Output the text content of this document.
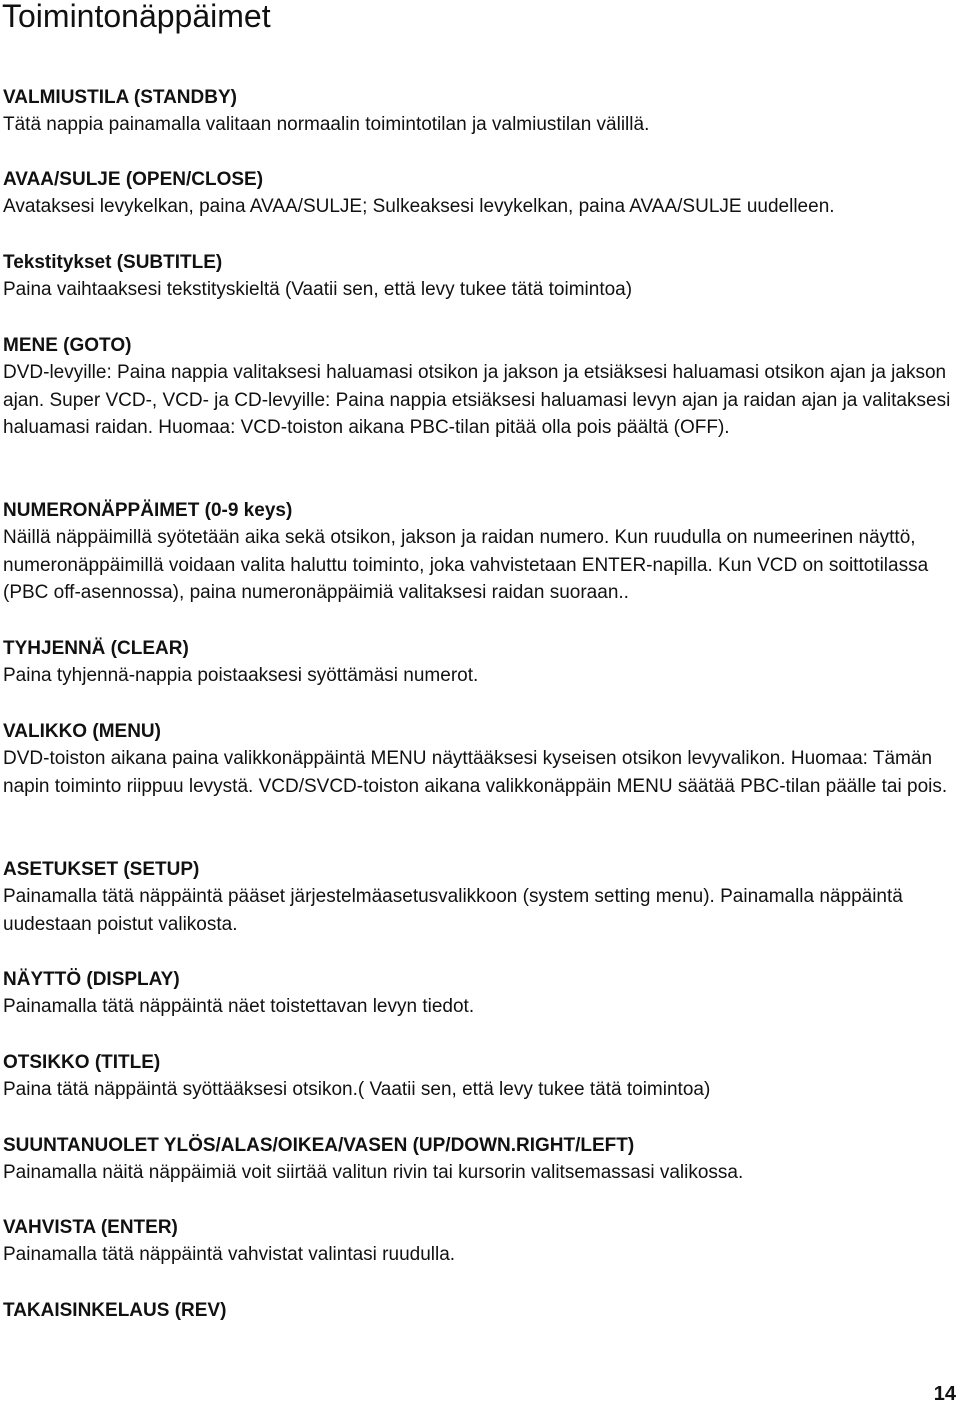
Toimintonäppäimet

VALMIUSTILA (STANDBY)

Tätä nappia painamalla valitaan normaalin toimintotilan ja valmiustilan välillä.

AVAA/SULJE (OPEN/CLOSE)

Avataksesi levykelkan, paina AVAA/SULJE; Sulkeaksesi levykelkan, paina AVAA/SULJE uudelleen.

Tekstitykset (SUBTITLE)

Paina vaihtaaksesi tekstityskieltä (Vaatii sen, että levy tukee tätä toimintoa)

MENE (GOTO)

DVD-levyille: Paina nappia valitaksesi haluamasi otsikon ja jakson ja etsiäksesi haluamasi otsikon ajan ja jakson ajan. Super VCD-, VCD- ja CD-levyille: Paina nappia etsiäksesi haluamasi levyn ajan ja raidan ajan ja valitaksesi haluamasi raidan. Huomaa: VCD-toiston aikana PBC-tilan pitää olla pois päältä (OFF).

NUMERONÄPPÄIMET (0-9 keys)

Näillä näppäimillä syötetään aika sekä otsikon, jakson ja raidan numero. Kun ruudulla on numeerinen näyttö, numeronäppäimillä voidaan valita haluttu toiminto, joka vahvistetaan ENTER-napilla. Kun VCD on soittotilassa (PBC off-asennossa), paina numeronäppäimiä valitaksesi raidan suoraan..

TYHJENNÄ (CLEAR)

Paina tyhjennä-nappia poistaaksesi syöttämäsi numerot.

VALIKKO (MENU)

DVD-toiston aikana paina valikkonäppäintä MENU näyttääksesi kyseisen otsikon levyvalikon. Huomaa: Tämän napin toiminto riippuu levystä. VCD/SVCD-toiston aikana valikkonäppäin MENU säätää PBC-tilan päälle tai pois.

ASETUKSET (SETUP)

Painamalla tätä näppäintä pääset järjestelmäasetusvalikkoon (system setting menu). Painamalla näppäintä uudestaan poistut valikosta.

NÄYTTÖ (DISPLAY)

Painamalla tätä näppäintä näet toistettavan levyn tiedot.

OTSIKKO (TITLE)

Paina tätä näppäintä syöttääksesi otsikon.( Vaatii sen, että levy tukee tätä toimintoa)

SUUNTANUOLET YLÖS/ALAS/OIKEA/VASEN (UP/DOWN.RIGHT/LEFT)

Painamalla näitä näppäimiä voit siirtää valitun rivin tai kursorin valitsemassasi valikossa.

VAHVISTA (ENTER)

Painamalla tätä näppäintä vahvistat valintasi ruudulla.

TAKAISINKELAUS (REV)

14
